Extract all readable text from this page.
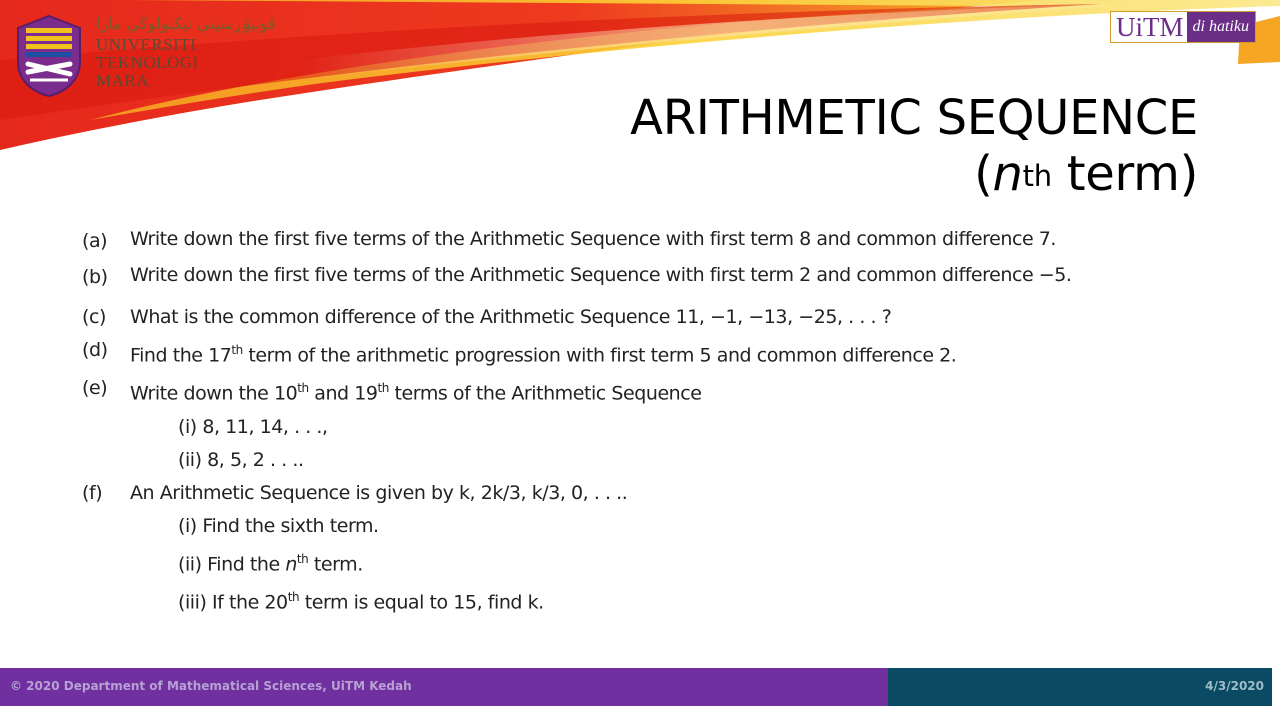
ڤونيۏرسيتي تيكنولوڬي مارا
UNIVERSITI
TEKNOLOGI
MARA
UiTM di hatiku
ARITHMETIC SEQUENCE
($n^{th}$ term)
(a)	Write down the first five terms of the Arithmetic Sequence with first term 8 and common difference 7.
(b)	Write down the first five terms of the Arithmetic Sequence with first term 2 and common difference −5.
(c)	What is the common difference of the Arithmetic Sequence 11, −1, −13, −25, . . . ?
(d)	Find the 17th term of the arithmetic progression with first term 5 and common difference 2.
(e)	Write down the 10th and 19th terms of the Arithmetic Sequence
(i) 8, 11, 14, . . .,
(ii) 8, 5, 2 . . ..
(f)	An Arithmetic Sequence is given by k, 2k/3, k/3, 0, . . ..
(i) Find the sixth term.
(ii) Find the $n^{th}$ term.
(iii) If the 20th term is equal to 15, find k.
© 2020 Department of Mathematical Sciences, UiTM Kedah	4/3/2020
